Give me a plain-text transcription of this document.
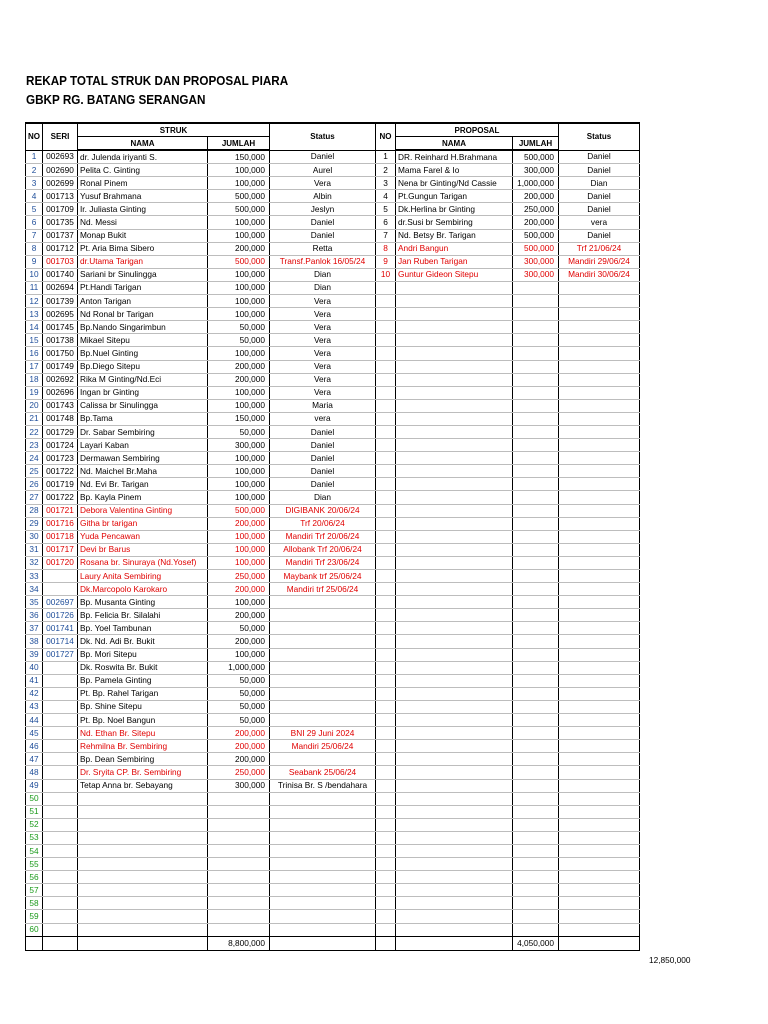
REKAP TOTAL STRUK DAN PROPOSAL PIARA
GBKP RG. BATANG SERANGAN
NO	SERI	STRUK		Status	NO	PROPOSAL		Status
		NAMA	JUMLAH			NAMA	JUMLAH	
1	002693	dr. Julenda iriyanti S.	150,000	Daniel	1	DR. Reinhard H.Brahmana	500,000	Daniel
2	002690	Pelita C. Ginting	100,000	Aurel	2	Mama Farel & Io	300,000	Daniel
3	002699	Ronal Pinem	100,000	Vera	3	Nena br Ginting/Nd Cassie	1,000,000	Dian
4	001713	Yusuf Brahmana	500,000	Albin	4	Pt.Gungun Tarigan	200,000	Daniel
5	001709	Ir. Juliasta Ginting	500,000	Jeslyn	5	Dk.Herlina br Ginting	250,000	Daniel
6	001735	Nd. Messi	100,000	Daniel	6	dr.Susi br Sembiring	200,000	vera
7	001737	Monap Bukit	100,000	Daniel	7	Nd. Betsy Br. Tarigan	500,000	Daniel
8	001712	Pt. Aria Bima Sibero	200,000	Retta	8	Andri Bangun	500,000	Trf 21/06/24
9	001703	dr.Utama Tarigan	500,000	Transf.Panlok 16/05/24	9	Jan Ruben Tarigan	300,000	Mandiri 29/06/24
10	001740	Sariani br Sinulingga	100,000	Dian	10	Guntur Gideon Sitepu	300,000	Mandiri 30/06/24
11	002694	Pt.Handi Tarigan	100,000	Dian				
12	001739	Anton Tarigan	100,000	Vera				
13	002695	Nd Ronal br Tarigan	100,000	Vera				
14	001745	Bp.Nando Singarimbun	50,000	Vera				
15	001738	Mikael Sitepu	50,000	Vera				
16	001750	Bp.Nuel Ginting	100,000	Vera				
17	001749	Bp.Diego Sitepu	200,000	Vera				
18	002692	Rika M Ginting/Nd.Eci	200,000	Vera				
19	002696	Ingan br Ginting	100,000	Vera				
20	001743	Calissa br Sinulingga	100,000	Maria				
21	001748	Bp.Tama	150,000	vera				
22	001729	Dr. Sabar Sembiring	50,000	Daniel				
23	001724	Layari Kaban	300,000	Daniel				
24	001723	Dermawan Sembiring	100,000	Daniel				
25	001722	Nd. Maichel Br.Maha	100,000	Daniel				
26	001719	Nd. Evi Br. Tarigan	100,000	Daniel				
27	001722	Bp. Kayla Pinem	100,000	Dian				
28	001721	Debora Valentina Ginting	500,000	DIGIBANK 20/06/24				
29	001716	Githa br tarigan	200,000	Trf 20/06/24				
30	001718	Yuda Pencawan	100,000	Mandiri Trf 20/06/24				
31	001717	Devi br Barus	100,000	Allobank Trf 20/06/24				
32	001720	Rosana br. Sinuraya (Nd.Yosef)	100,000	Mandiri Trf 23/06/24				
33		Laury Anita Sembiring	250,000	Maybank trf 25/06/24				
34		Dk.Marcopolo Karokaro	200,000	Mandiri trf 25/06/24				
35	002697	Bp. Musanta Ginting	100,000					
36	001726	Bp. Felicia Br. Silalahi	200,000					
37	001741	Bp. Yoel Tambunan	50,000					
38	001714	Dk. Nd. Adi Br. Bukit	200,000					
39	001727	Bp. Mori Sitepu	100,000					
40		Dk. Roswita Br. Bukit	1,000,000					
41		Bp. Pamela Ginting	50,000					
42		Pt. Bp. Rahel Tarigan	50,000					
43		Bp. Shine Sitepu	50,000					
44		Pt. Bp. Noel Bangun	50,000					
45		Nd. Ethan Br. Sitepu	200,000	BNI 29 Juni 2024				
46		Rehmilna Br. Sembiring	200,000	Mandiri 25/06/24				
47		Bp. Dean Sembiring	200,000					
48		Dr. Sryita CP. Br. Sembiring	250,000	Seabank 25/06/24				
49		Tetap Anna br. Sebayang	300,000	Trinisa Br. S /bendahara				
50								
51								
52								
53								
54								
55								
56								
57								
58								
59								
60								
			8,800,000				4,050,000	
12,850,000
